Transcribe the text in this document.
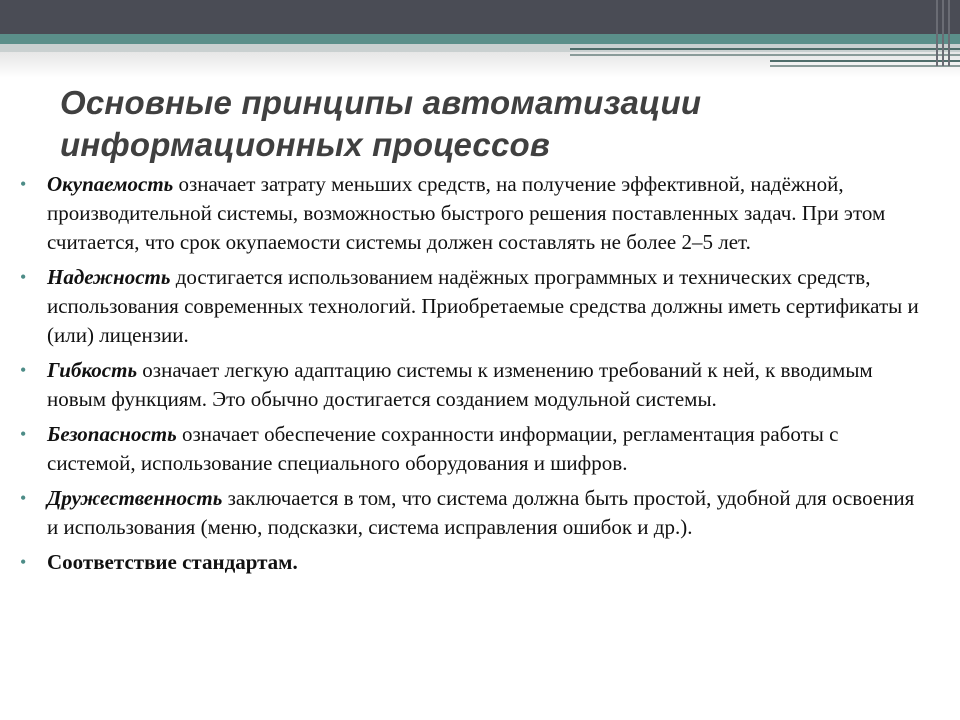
Основные принципы автоматизации
информационных процессов
• Окупаемость означает затрату меньших средств, на получение эффективной, надёжной, производительной системы, возможностью быстрого решения поставленных задач. При этом считается, что срок окупаемости системы должен составлять не более 2–5 лет.
• Надежность достигается использованием надёжных программных и технических средств, использования современных технологий. Приобретаемые средства должны иметь сертификаты и (или) лицензии.
• Гибкость означает легкую адаптацию системы к изменению требований к ней, к вводимым новым функциям. Это обычно достигается созданием модульной системы.
• Безопасность означает обеспечение сохранности информации, регламентация работы с системой, использование специального оборудования и шифров.
• Дружественность заключается в том, что система должна быть простой, удобной для освоения и использования (меню, подсказки, система исправления ошибок и др.).
• Соответствие стандартам.
